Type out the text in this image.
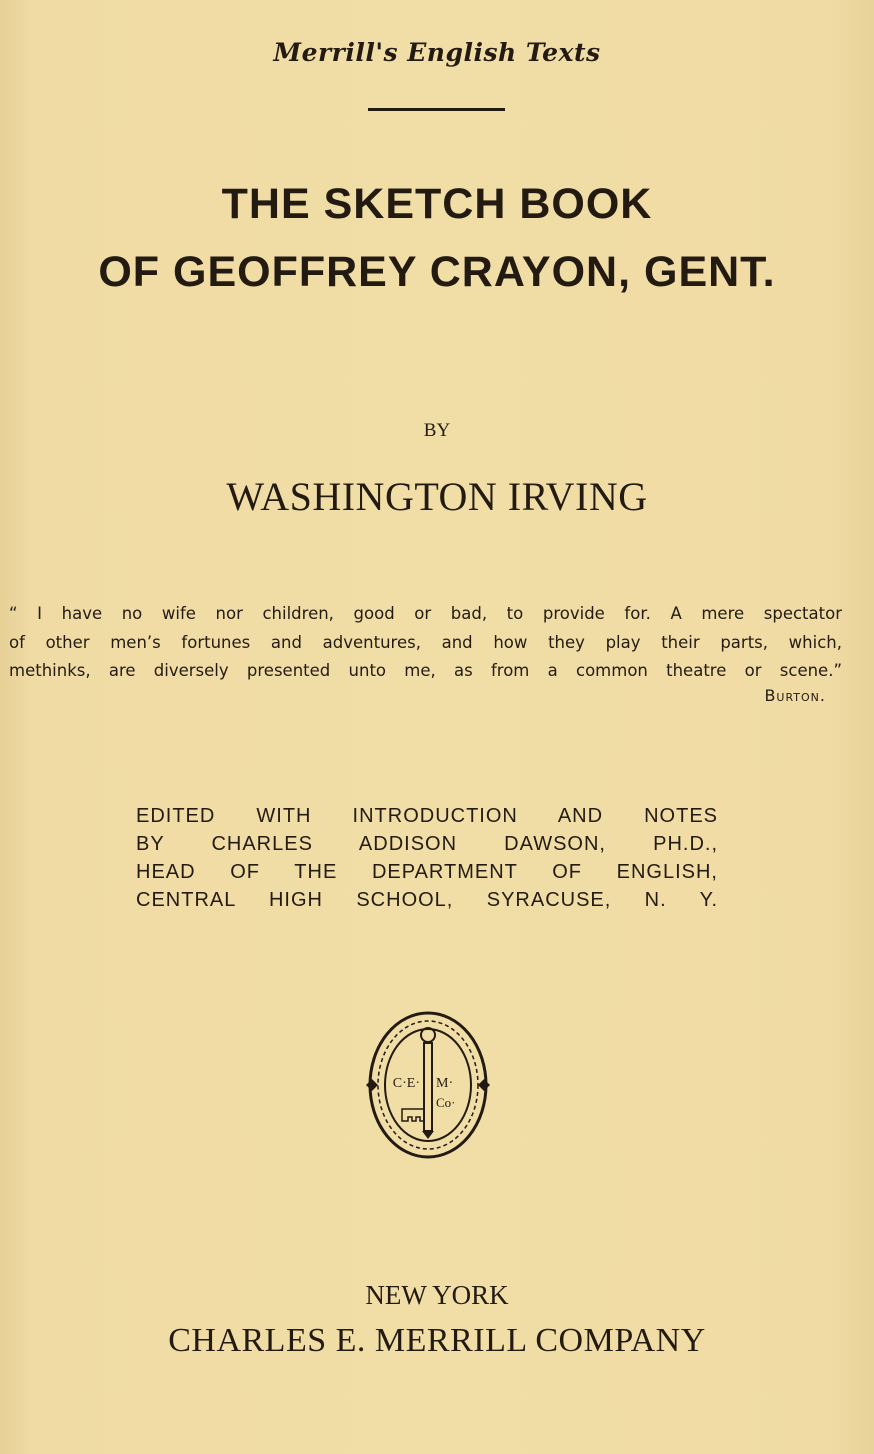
Merrill's English Texts
THE SKETCH BOOK
OF GEOFFREY CRAYON, GENT.
BY
WASHINGTON IRVING
“ I have no wife nor children, good or bad, to provide for. A mere spectator
of other men’s fortunes and adventures, and how they play their parts, which,
methinks, are diversely presented unto me, as from a common theatre or scene.”
Burton.
EDITED WITH INTRODUCTION AND NOTES
BY CHARLES ADDISON DAWSON, PH.D.,
HEAD OF THE DEPARTMENT OF ENGLISH,
CENTRAL HIGH SCHOOL, SYRACUSE, N. Y.
C·E· M·
Co·
NEW YORK
CHARLES E. MERRILL COMPANY
